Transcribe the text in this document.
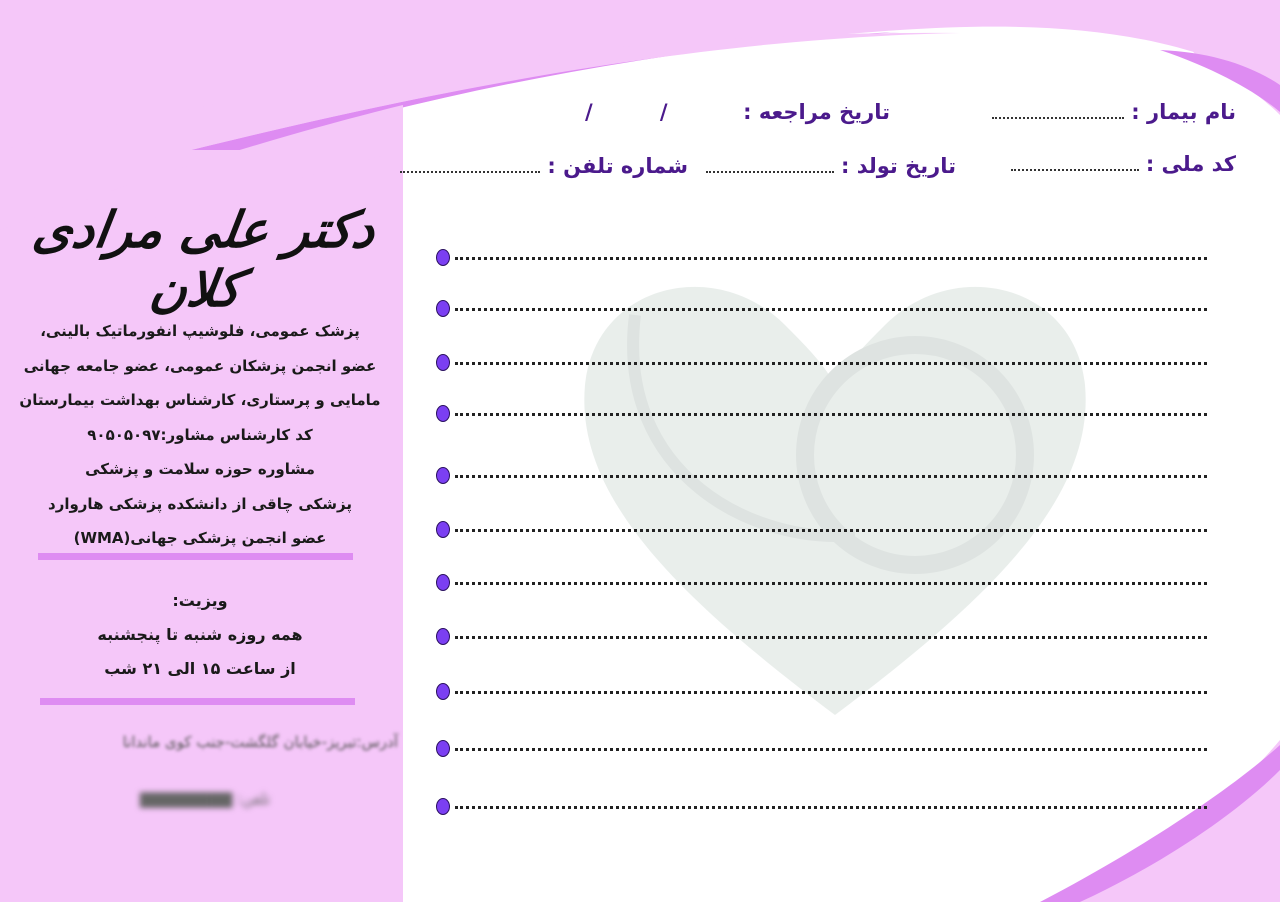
دکتر علی مرادی کلان
پزشک عمومی، فلوشیپ انفورماتیک بالینی،
عضو انجمن پزشکان عمومی، عضو جامعه جهانی
مامایی و پرستاری، کارشناس بهداشت بیمارستان
کد کارشناس مشاور:۹۰۵۰۵۰۹۷
مشاوره حوزه سلامت و پزشکی
پزشکی چاقی از دانشکده پزشکی هاروارد
عضو انجمن پزشکی جهانی(WMA)
ویزیت:
همه روزه شنبه تا پنجشنبه
از ساعت ۱۵ الی ۲۱ شب
آدرس:تبریز-خیابان گلگشت-جنب کوی ماندانا
تلفن: ▇▇▇▇▇▇▇▇
نام بیمار :
تاریخ مراجعه :
/       /
کد ملی :
تاریخ تولد :
شماره تلفن :
